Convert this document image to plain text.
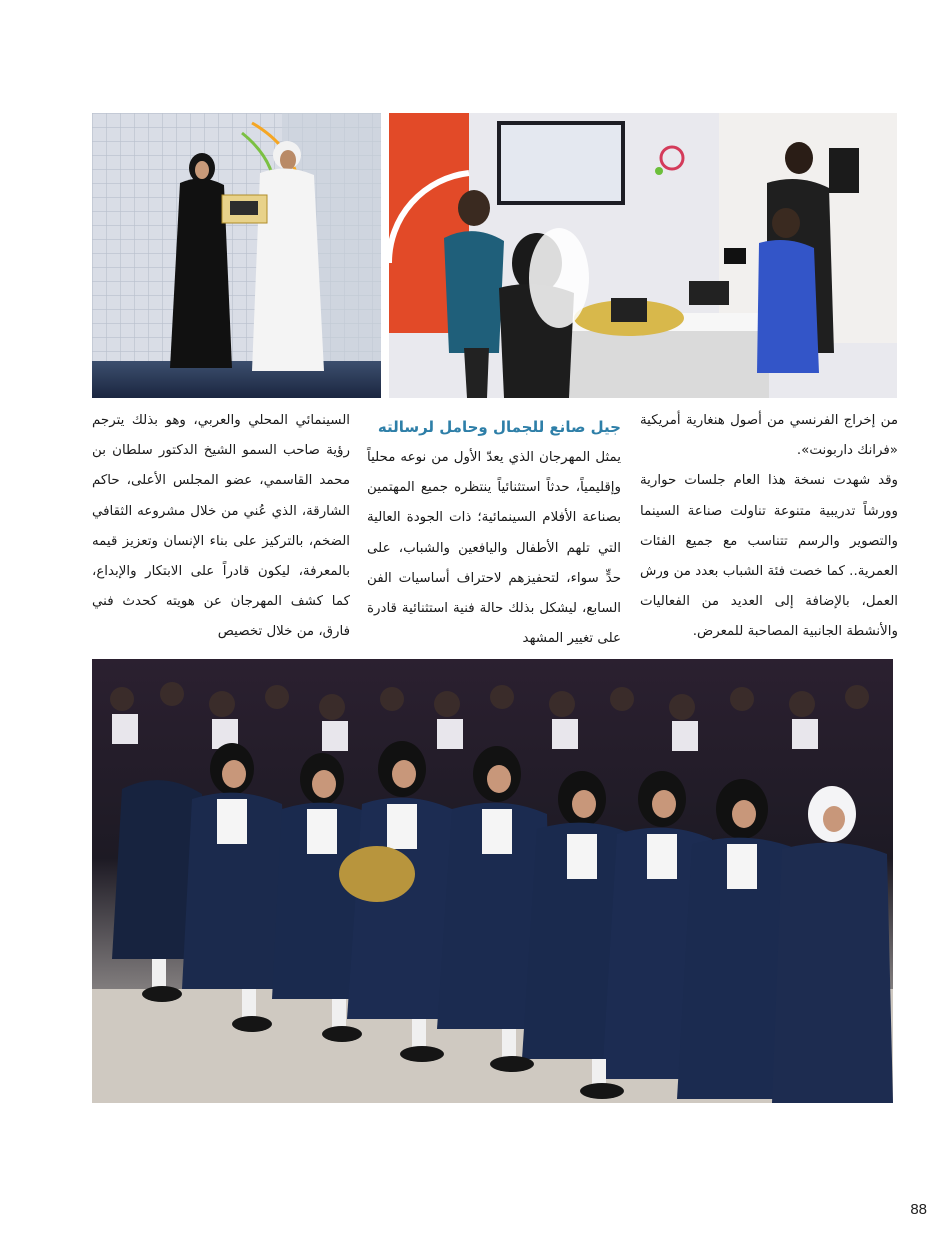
من إخراج الفرنسي من أصول هنغارية أمريكية «فرانك داربونت».

وقد شهدت نسخة هذا العام جلسات حوارية وورشاً تدريبية متنوعة تناولت صناعة السينما والتصوير والرسم تتناسب مع جميع الفئات العمرية.. كما خصت فئة الشباب بعدد من ورش العمل، بالإضافة إلى العديد من الفعاليات والأنشطة الجانبية المصاحبة للمعرض.

جيل صانع للجمال وحامل لرسالته

يمثل المهرجان الذي يعدّ الأول من نوعه محلياً وإقليمياً، حدثاً استثنائياً ينتظره جميع المهتمين بصناعة الأفلام السينمائية؛ ذات الجودة العالية التي تلهم الأطفال واليافعين والشباب، على حدٍّ سواء، لتحفيزهم لاحتراف أساسيات الفن السابع، ليشكل بذلك حالة فنية استثنائية قادرة على تغيير المشهد

السينمائي المحلي والعربي، وهو بذلك يترجم رؤية صاحب السمو الشيخ الدكتور سلطان بن محمد القاسمي، عضو المجلس الأعلى، حاكم الشارقة، الذي عُني من خلال مشروعه الثقافي الضخم، بالتركيز على بناء الإنسان وتعزيز قيمه بالمعرفة، ليكون قادراً على الابتكار والإبداع، كما كشف المهرجان عن هويته كحدث فني فارق، من خلال تخصيص

88
